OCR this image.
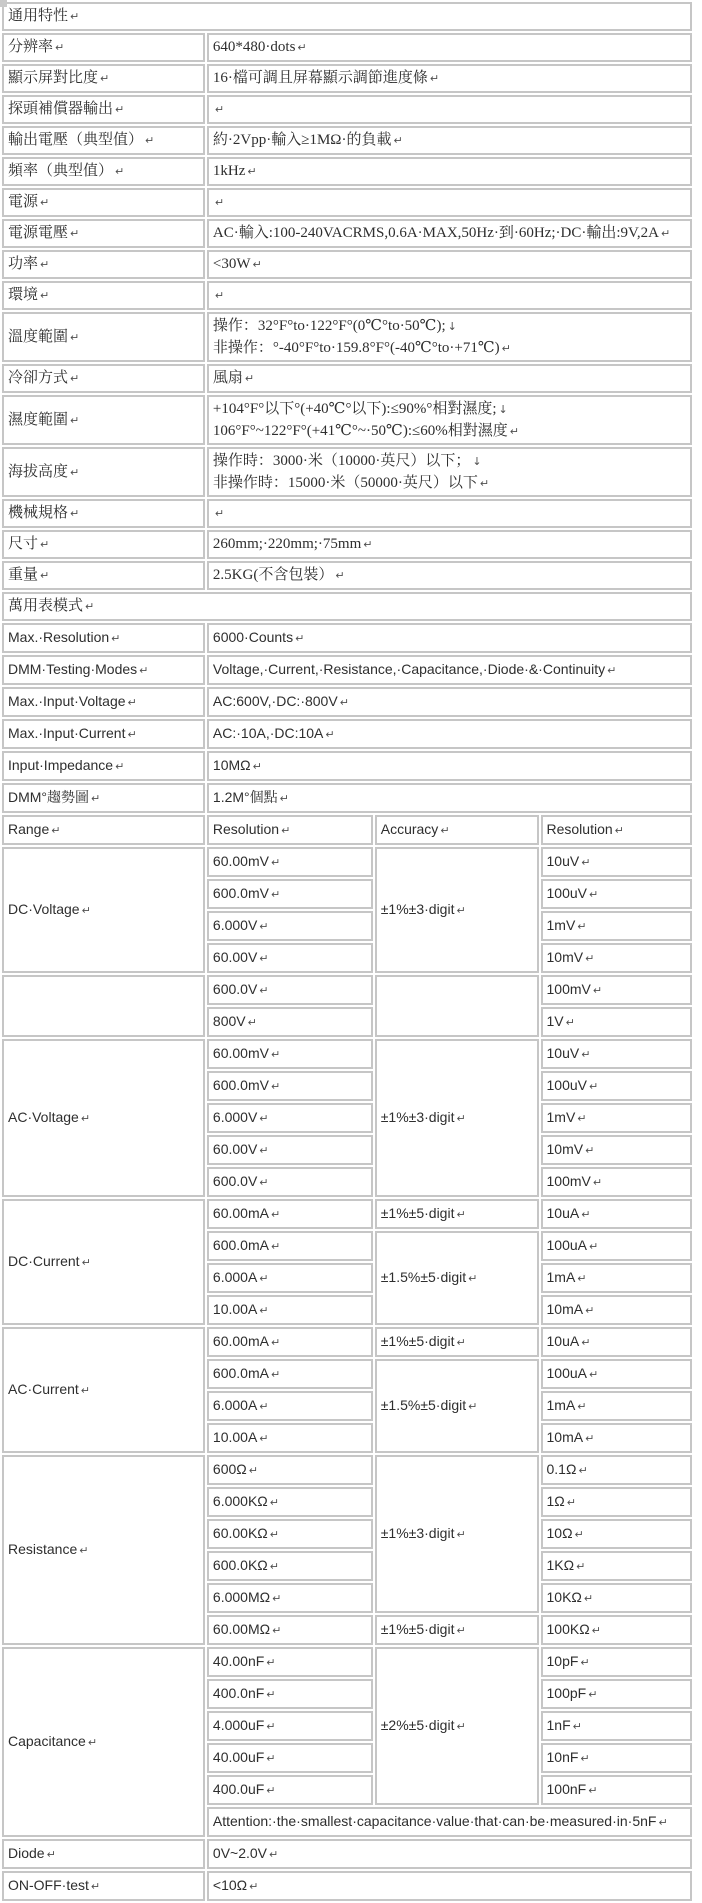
通用特性 ↵			
分辨率 ↵	640*480·dots ↵		
顯示屏對比度 ↵	16·檔可調且屏幕顯示調節進度條 ↵		
探頭補償器輸出 ↵	↵		
輸出電壓（典型值） ↵	約·2Vpp·輸入≥1MΩ·的負載 ↵		
頻率（典型值） ↵	1kHz ↵		
電源 ↵	↵		
電源電壓 ↵	AC·輸入:100-240VACRMS,0.6A·MAX,50Hz·到·60Hz;·DC·輸出:9V,2A ↵		
功率 ↵	<30W ↵		
環境 ↵	↵		
溫度範圍 ↵	操作：32°F°to·122°F°(0℃°to·50℃); ↓
非操作：°-40°F°to·159.8°F°(-40℃°to·+71℃) ↵		

冷卻方式 ↵	風扇 ↵		
濕度範圍 ↵	+104°F°以下°(+40℃°以下):≤90%°相對濕度; ↓
106°F°~122°F°(+41℃°~·50℃):≤60%相對濕度 ↵		

海拔高度 ↵	操作時：3000·米（10000·英尺）以下； ↓
非操作時：15000·米（50000·英尺）以下 ↵		

機械規格 ↵	↵		
尺寸 ↵	260mm;·220mm;·75mm ↵		
重量 ↵	2.5KG(不含包裝） ↵		
萬用表模式 ↵			
Max.·Resolution ↵	6000·Counts ↵		
DMM·Testing·Modes ↵	Voltage,·Current,·Resistance,·Capacitance,·Diode·&·Continuity ↵		
Max.·Input·Voltage ↵	AC:600V,·DC:·800V ↵		
Max.·Input·Current ↵	AC:·10A,·DC:10A ↵		
Input·Impedance ↵	10MΩ ↵		
DMM°趨勢圖 ↵	1.2M°個點 ↵		
Range ↵	Resolution ↵	Accuracy ↵	Resolution ↵
DC·Voltage ↵	60.00mV ↵	±1%±3·digit ↵	10uV ↵
	600.0mV ↵		100uV ↵
	6.000V ↵		1mV ↵
	60.00V ↵		10mV ↵
	600.0V ↵		100mV ↵
	800V ↵		1V ↵
AC·Voltage ↵	60.00mV ↵	±1%±3·digit ↵	10uV ↵
	600.0mV ↵		100uV ↵
	6.000V ↵		1mV ↵
	60.00V ↵		10mV ↵
	600.0V ↵		100mV ↵
DC·Current ↵	60.00mA ↵	±1%±5·digit ↵	10uA ↵
	600.0mA ↵	±1.5%±5·digit ↵	100uA ↵
	6.000A ↵		1mA ↵
	10.00A ↵		10mA ↵
AC·Current ↵	60.00mA ↵	±1%±5·digit ↵	10uA ↵
	600.0mA ↵	±1.5%±5·digit ↵	100uA ↵
	6.000A ↵		1mA ↵
	10.00A ↵		10mA ↵
Resistance ↵	600Ω ↵	±1%±3·digit ↵	0.1Ω ↵
	6.000KΩ ↵		1Ω ↵
	60.00KΩ ↵		10Ω ↵
	600.0KΩ ↵		1KΩ ↵
	6.000MΩ ↵		10KΩ ↵
	60.00MΩ ↵	±1%±5·digit ↵	100KΩ ↵
Capacitance ↵	40.00nF ↵	±2%±5·digit ↵	10pF ↵
	400.0nF ↵		100pF ↵
	4.000uF ↵		1nF ↵
	40.00uF ↵		10nF ↵
	400.0uF ↵		100nF ↵
	Attention:·the·smallest·capacitance·value·that·can·be·measured·in·5nF ↵		
Diode ↵	0V~2.0V ↵		
ON-OFF·test ↵	<10Ω ↵		
